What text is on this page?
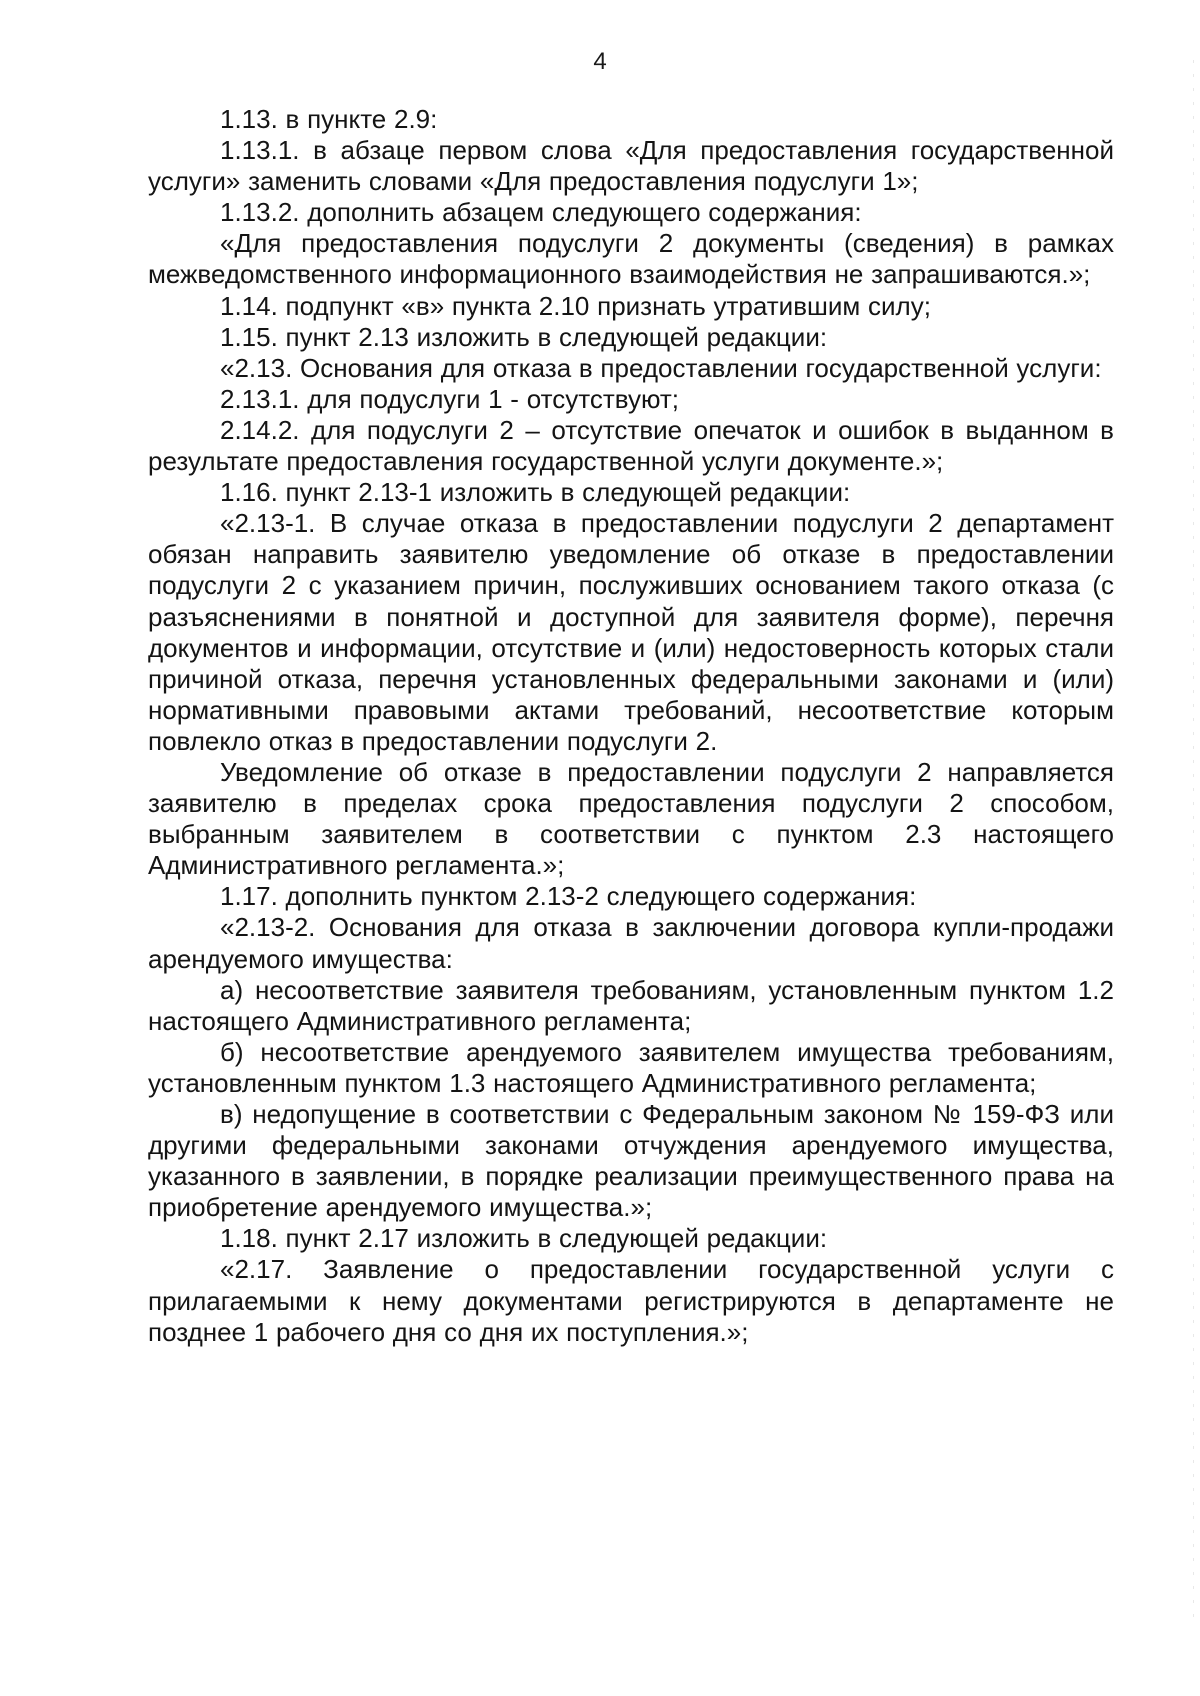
4

1.13. в пункте 2.9:

1.13.1. в абзаце первом слова «Для предоставления государственной услуги» заменить словами «Для предоставления подуслуги 1»;

1.13.2. дополнить абзацем следующего содержания:

«Для предоставления подуслуги 2 документы (сведения) в рамках межведомственного информационного взаимодействия не запрашиваются.»;

1.14. подпункт «в» пункта 2.10 признать утратившим силу;

1.15. пункт 2.13 изложить в следующей редакции:

«2.13. Основания для отказа в предоставлении государственной услуги:

2.13.1. для подуслуги 1 - отсутствуют;

2.14.2. для подуслуги 2 – отсутствие опечаток и ошибок в выданном в результате предоставления государственной услуги документе.»;

1.16. пункт 2.13-1 изложить в следующей редакции:

«2.13-1. В случае отказа в предоставлении подуслуги 2 департамент обязан направить заявителю уведомление об отказе в предоставлении подуслуги 2 с указанием причин, послуживших основанием такого отказа (с разъяснениями в понятной и доступной для заявителя форме), перечня документов и информации, отсутствие и (или) недостоверность которых стали причиной отказа, перечня установленных федеральными законами и (или) нормативными правовыми актами требований, несоответствие которым повлекло отказ в предоставлении подуслуги 2.

Уведомление об отказе в предоставлении подуслуги 2 направляется заявителю в пределах срока предоставления подуслуги 2 способом, выбранным заявителем в соответствии с пунктом 2.3 настоящего Административного регламента.»;

1.17. дополнить пунктом 2.13-2 следующего содержания:

«2.13-2. Основания для отказа в заключении договора купли-продажи арендуемого имущества:

а) несоответствие заявителя требованиям, установленным пунктом 1.2 настоящего Административного регламента;

б) несоответствие арендуемого заявителем имущества требованиям, установленным пунктом 1.3 настоящего Административного регламента;

в) недопущение в соответствии с Федеральным законом № 159-ФЗ или другими федеральными законами отчуждения арендуемого имущества, указанного в заявлении, в порядке реализации преимущественного права на приобретение арендуемого имущества.»;

1.18. пункт 2.17 изложить в следующей редакции:

«2.17. Заявление о предоставлении государственной услуги с прилагаемыми к нему документами регистрируются в департаменте не позднее 1 рабочего дня со дня их поступления.»;
